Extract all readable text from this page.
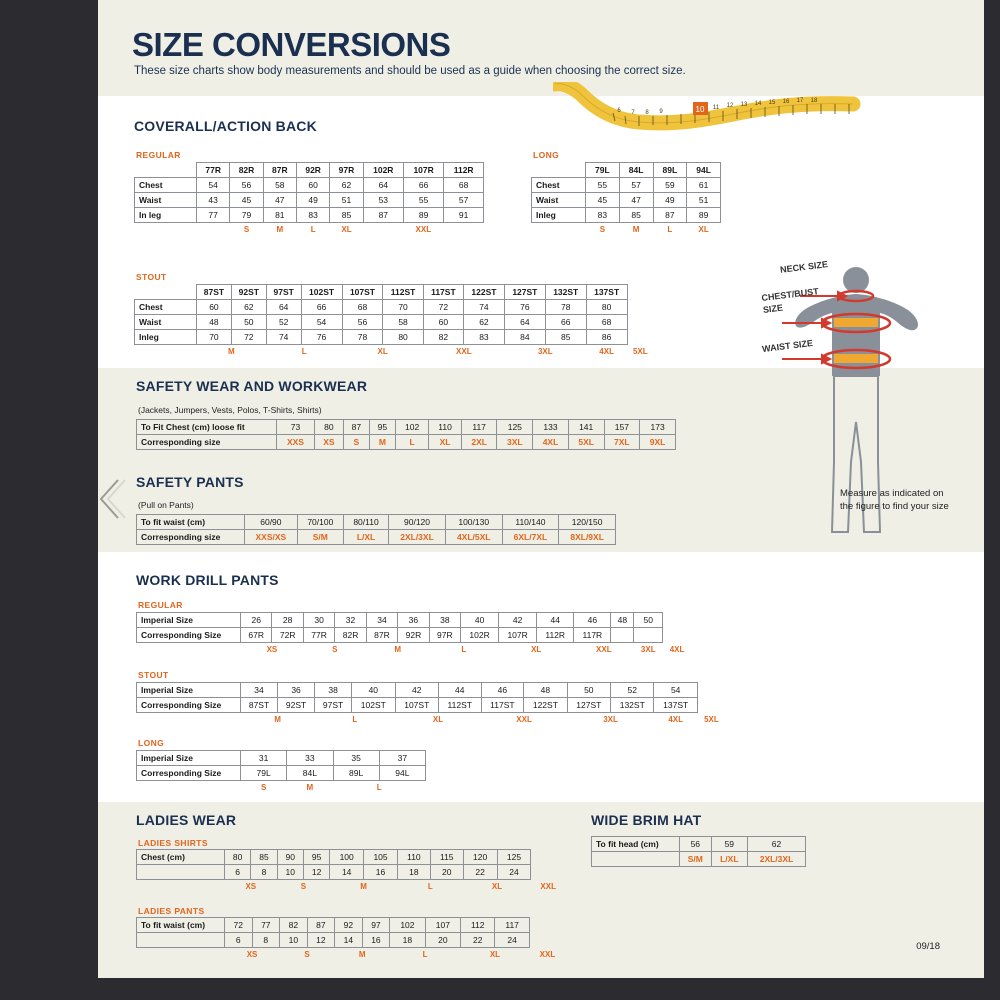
10
6 7 8 9
11 12 13 14 15 16 17 18
SIZE CONVERSIONS
These size charts show body measurements and should be used as a guide when choosing the correct size.
COVERALL/ACTION BACK
REGULAR
	77R	82R	87R	92R	97R	102R	107R	112R
Chest	54	56	58	60	62	64	66	68
Waist	43	45	47	49	51	53	55	57
In leg	77	79	81	83	85	87	89	91
		S	M	L	XL	XXL		
LONG
	79L	84L	89L	94L
Chest	55	57	59	61
Waist	45	47	49	51
Inleg	83	85	87	89
	S	M	L	XL
STOUT
	87ST	92ST	97ST	102ST	107ST	112ST	117ST	122ST	127ST	132ST	137ST	
Chest	60	62	64	66	68	70	72	74	76	78	80	
Waist	48	50	52	54	56	58	60	62	64	66	68	
Inleg	70	72	74	76	78	80	82	83	84	85	86	
	M		L		XL		XXL		3XL		4XL	5XL
SAFETY WEAR AND WORKWEAR
(Jackets, Jumpers, Vests, Polos, T-Shirts, Shirts)
To Fit Chest (cm) loose fit	73	80	87	95	102	110	117	125	133	141	157	173
Corresponding size	XXS	XS	S	M	L	XL	2XL	3XL	4XL	5XL	7XL	9XL
SAFETY PANTS
(Pull on Pants)
To fit waist (cm)	60/90	70/100	80/110	90/120	100/130	110/140	120/150
Corresponding size	XXS/XS	S/M	L/XL	2XL/3XL	4XL/5XL	6XL/7XL	8XL/9XL
NECK SIZE
CHEST/BUST SIZE
WAIST SIZE
Measure as indicated on the figure to find your size
WORK DRILL PANTS
REGULAR
Imperial Size	26	28	30	32	34	36	38	40	42	44	46	48	50	
Corresponding Size	67R	72R	77R	82R	87R	92R	97R	102R	107R	112R	117R			
	XS		S		M		L		XL		XXL		3XL	4XL
STOUT
Imperial Size	34	36	38	40	42	44	46	48	50	52	54	
Corresponding Size	87ST	92ST	97ST	102ST	107ST	112ST	117ST	122ST	127ST	132ST	137ST	
	M		L		XL		XXL		3XL		4XL	5XL
LONG
Imperial Size	31	33	35	37
Corresponding Size	79L	84L	89L	94L
	S	M	L	
LADIES WEAR
LADIES SHIRTS
Chest (cm)	80	85	90	95	100	105	110	115	120	125	
	6	8	10	12	14	16	18	20	22	24	
	XS		S		M		L		XL		XXL
LADIES PANTS
To fit waist (cm)	72	77	82	87	92	97	102	107	112	117	
	6	8	10	12	14	16	18	20	22	24	
	XS		S		M		L		XL		XXL
WIDE BRIM HAT
To fit head (cm)	56	59	62
	S/M	L/XL	2XL/3XL
09/18
